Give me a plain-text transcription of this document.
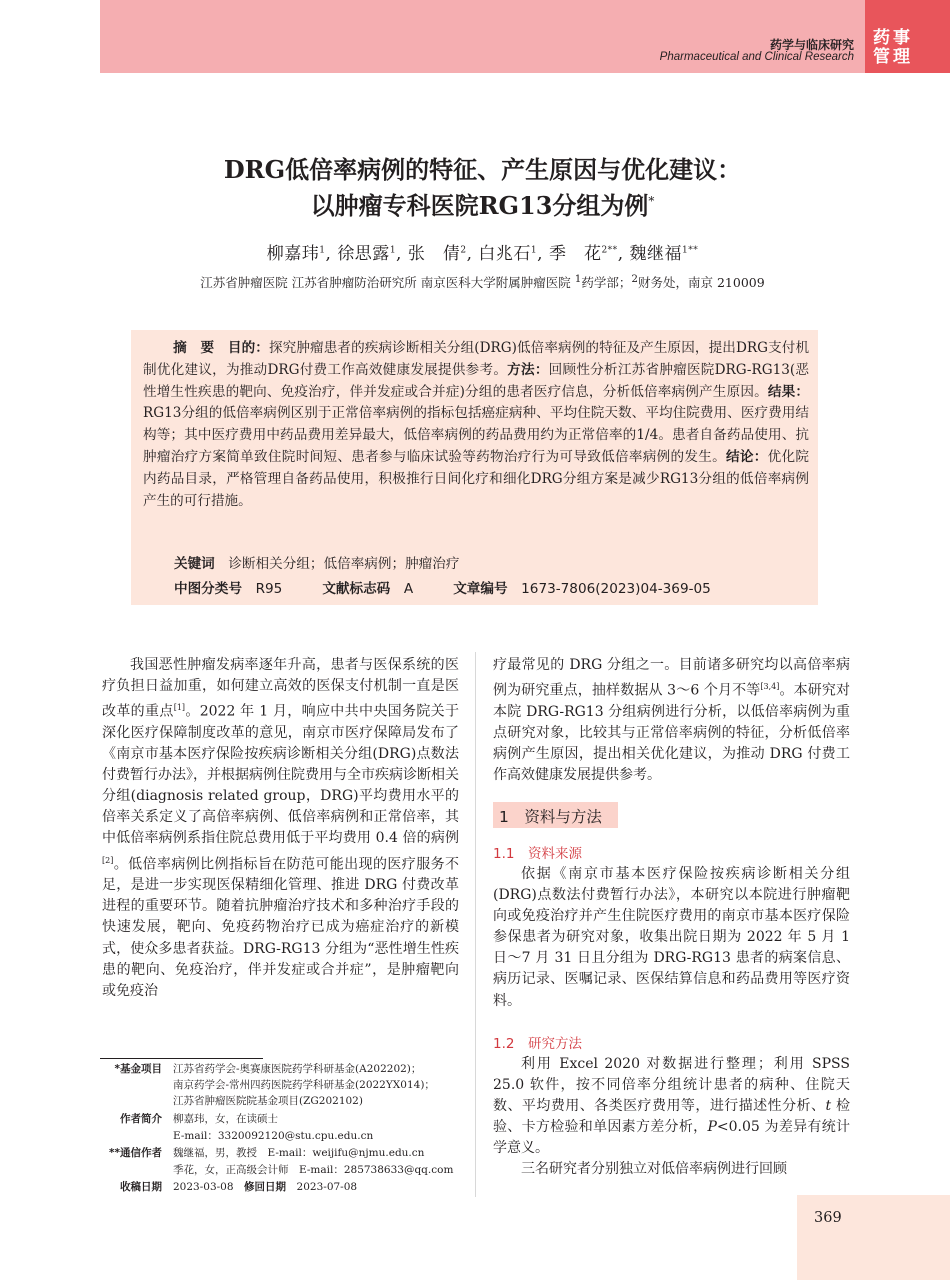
药学与临床研究
Pharmaceutical and Clinical Research
药事管理
DRG低倍率病例的特征、产生原因与优化建议：
以肿瘤专科医院RG13分组为例*
柳嘉玮$^1$, 徐思露$^1$, 张　倩$^2$, 白兆石$^1$, 季　花$^{2**}$, 魏继福$^{1**}$
江苏省肿瘤医院 江苏省肿瘤防治研究所 南京医科大学附属肿瘤医院 $^1$药学部；$^2$财务处，南京 210009
摘　要　 目的：探究肿瘤患者的疾病诊断相关分组(DRG)低倍率病例的特征及产生原因，提出DRG支付机制优化建议，为推动DRG付费工作高效健康发展提供参考。方法：回顾性分析江苏省肿瘤医院DRG-RG13(恶性增生性疾患的靶向、免疫治疗，伴并发症或合并症)分组的患者医疗信息，分析低倍率病例产生原因。结果：RG13分组的低倍率病例区别于正常倍率病例的指标包括癌症病种、平均住院天数、平均住院费用、医疗费用结构等；其中医疗费用中药品费用差异最大，低倍率病例的药品费用约为正常倍率的1/4。患者自备药品使用、抗肿瘤治疗方案简单致住院时间短、患者参与临床试验等药物治疗行为可导致低倍率病例的发生。结论：优化院内药品目录，严格管理自备药品使用，积极推行日间化疗和细化DRG分组方案是减少RG13分组的低倍率病例产生的可行措施。
关键词　 诊断相关分组；低倍率病例；肿瘤治疗
中图分类号　 R95	文献标志码　 A	文章编号　 1673-7806(2023)04-369-05

我国恶性肿瘤发病率逐年升高，患者与医保系统的医疗负担日益加重，如何建立高效的医保支付机制一直是医改革的重点[1]。2022 年 1 月，响应中共中央国务院关于深化医疗保障制度改革的意见，南京市医疗保障局发布了《南京市基本医疗保险按疾病诊断相关分组(DRG)点数法付费暂行办法》，并根据病例住院费用与全市疾病诊断相关分组(diagnosis related group，DRG)平均费用水平的倍率关系定义了高倍率病例、低倍率病例和正常倍率，其中低倍率病例系指住院总费用低于平均费用 0.4 倍的病例[2]。低倍率病例比例指标旨在防范可能出现的医疗服务不足，是进一步实现医保精细化管理、推进 DRG 付费改革进程的重要环节。随着抗肿瘤治疗技术和多种治疗手段的快速发展，靶向、免疫药物治疗已成为癌症治疗的新模式，使众多患者获益。DRG-RG13 分组为“恶性增生性疾患的靶向、免疫治疗，伴并发症或合并症”，是肿瘤靶向或免疫治

疗最常见的 DRG 分组之一。目前诸多研究均以高倍率病例为研究重点，抽样数据从 3～6 个月不等[3,4]。本研究对本院 DRG-RG13 分组病例进行分析，以低倍率病例为重点研究对象，比较其与正常倍率病例的特征，分析低倍率病例产生原因，提出相关优化建议，为推动 DRG 付费工作高效健康发展提供参考。

1　资料与方法
1.1　资料来源

依据《南京市基本医疗保险按疾病诊断相关分组(DRG)点数法付费暂行办法》，本研究以本院进行肿瘤靶向或免疫治疗并产生住院医疗费用的南京市基本医疗保险参保患者为研究对象，收集出院日期为 2022 年 5 月 1 日～7 月 31 日且分组为 DRG-RG13 患者的病案信息、病历记录、医嘱记录、医保结算信息和药品费用等医疗资料。

1.2　研究方法

利用 Excel 2020 对数据进行整理；利用 SPSS 25.0 软件，按不同倍率分组统计患者的病种、住院天数、平均费用、各类医疗费用等，进行描述性分析、t 检验、卡方检验和单因素方差分析，P<0.05 为差异有统计学意义。

三名研究者分别独立对低倍率病例进行回顾

*基金项目 江苏省药学会-奥赛康医院药学科研基金(A202202)；
南京药学会-常州四药医院药学科研基金(2022YX014)；
江苏省肿瘤医院院基金项目(ZG202102)
作者简介 柳嘉玮，女，在读硕士
E-mail：3320092120@stu.cpu.edu.cn
**通信作者 魏继福，男，教授　E-mail：weijifu@njmu.edu.cn
季花，女，正高级会计师　E-mail：285738633@qq.com
收稿日期 2023-03-08　 修回日期　 2023-07-08
369
